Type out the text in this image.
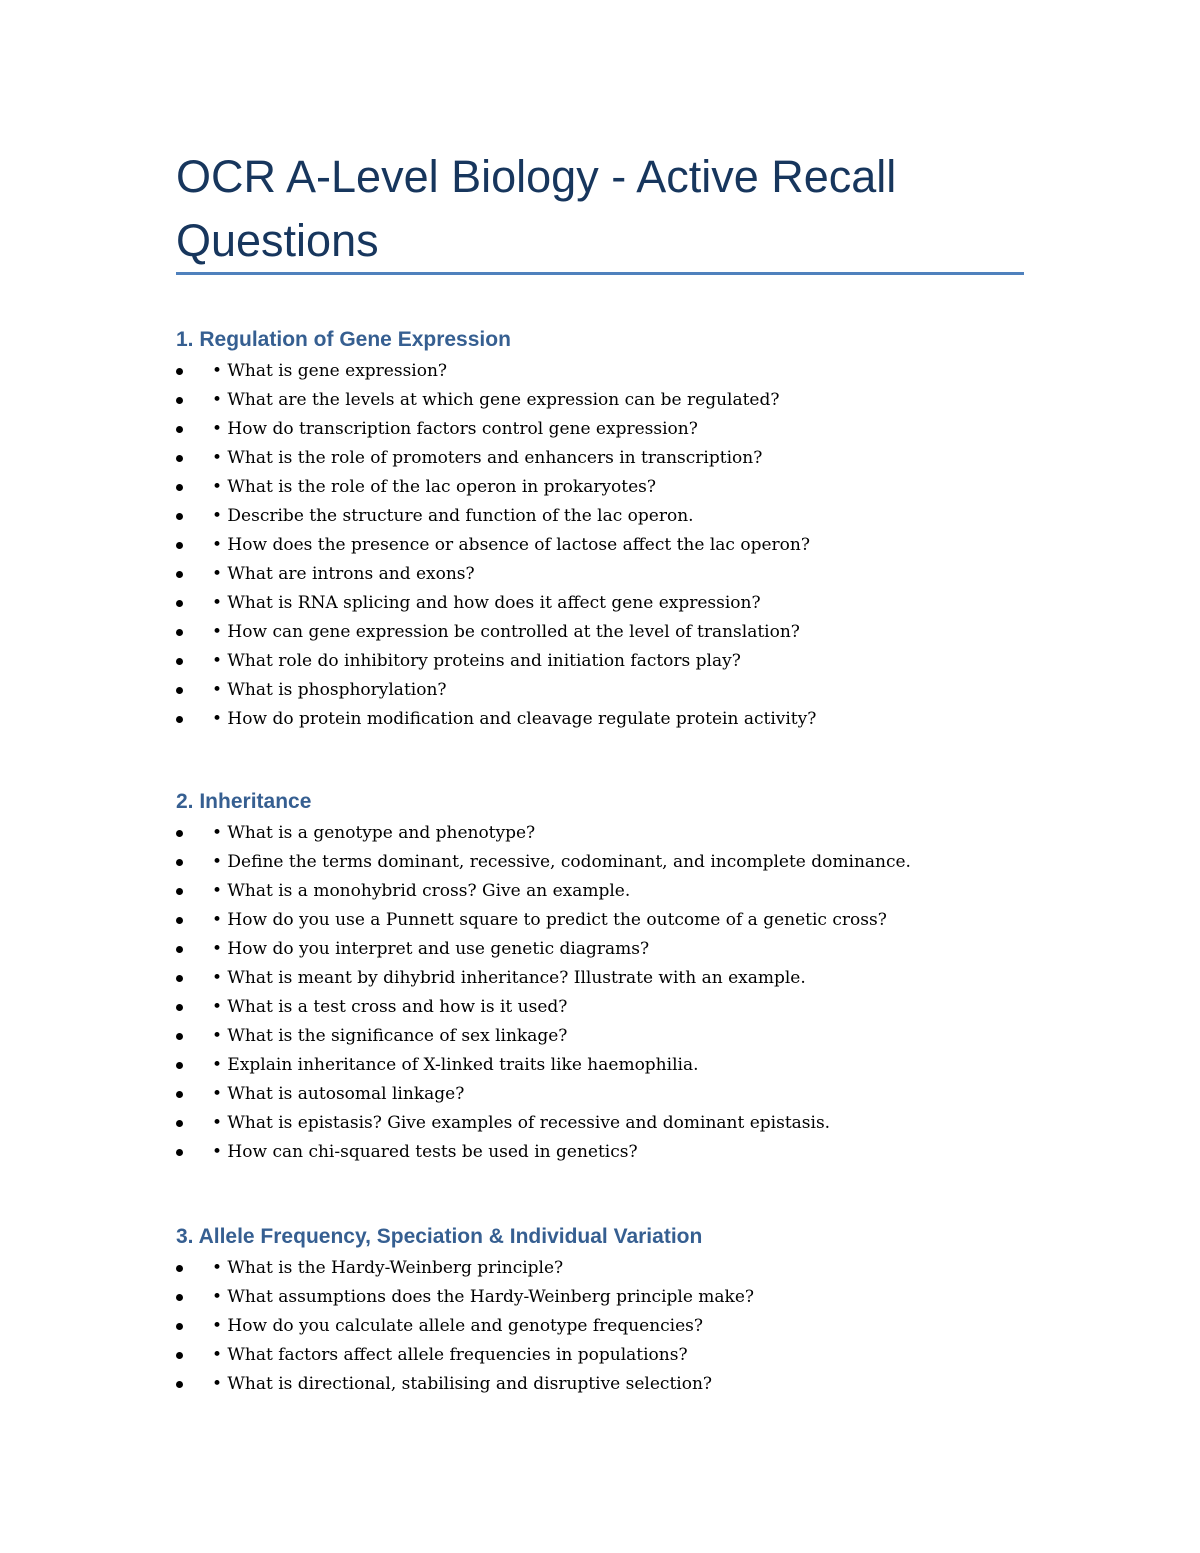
OCR A-Level Biology - Active Recall Questions
1. Regulation of Gene Expression
• What is gene expression?
• What are the levels at which gene expression can be regulated?
• How do transcription factors control gene expression?
• What is the role of promoters and enhancers in transcription?
• What is the role of the lac operon in prokaryotes?
• Describe the structure and function of the lac operon.
• How does the presence or absence of lactose affect the lac operon?
• What are introns and exons?
• What is RNA splicing and how does it affect gene expression?
• How can gene expression be controlled at the level of translation?
• What role do inhibitory proteins and initiation factors play?
• What is phosphorylation?
• How do protein modification and cleavage regulate protein activity?
2. Inheritance
• What is a genotype and phenotype?
• Define the terms dominant, recessive, codominant, and incomplete dominance.
• What is a monohybrid cross? Give an example.
• How do you use a Punnett square to predict the outcome of a genetic cross?
• How do you interpret and use genetic diagrams?
• What is meant by dihybrid inheritance? Illustrate with an example.
• What is a test cross and how is it used?
• What is the significance of sex linkage?
• Explain inheritance of X-linked traits like haemophilia.
• What is autosomal linkage?
• What is epistasis? Give examples of recessive and dominant epistasis.
• How can chi-squared tests be used in genetics?
3. Allele Frequency, Speciation & Individual Variation
• What is the Hardy-Weinberg principle?
• What assumptions does the Hardy-Weinberg principle make?
• How do you calculate allele and genotype frequencies?
• What factors affect allele frequencies in populations?
• What is directional, stabilising and disruptive selection?
